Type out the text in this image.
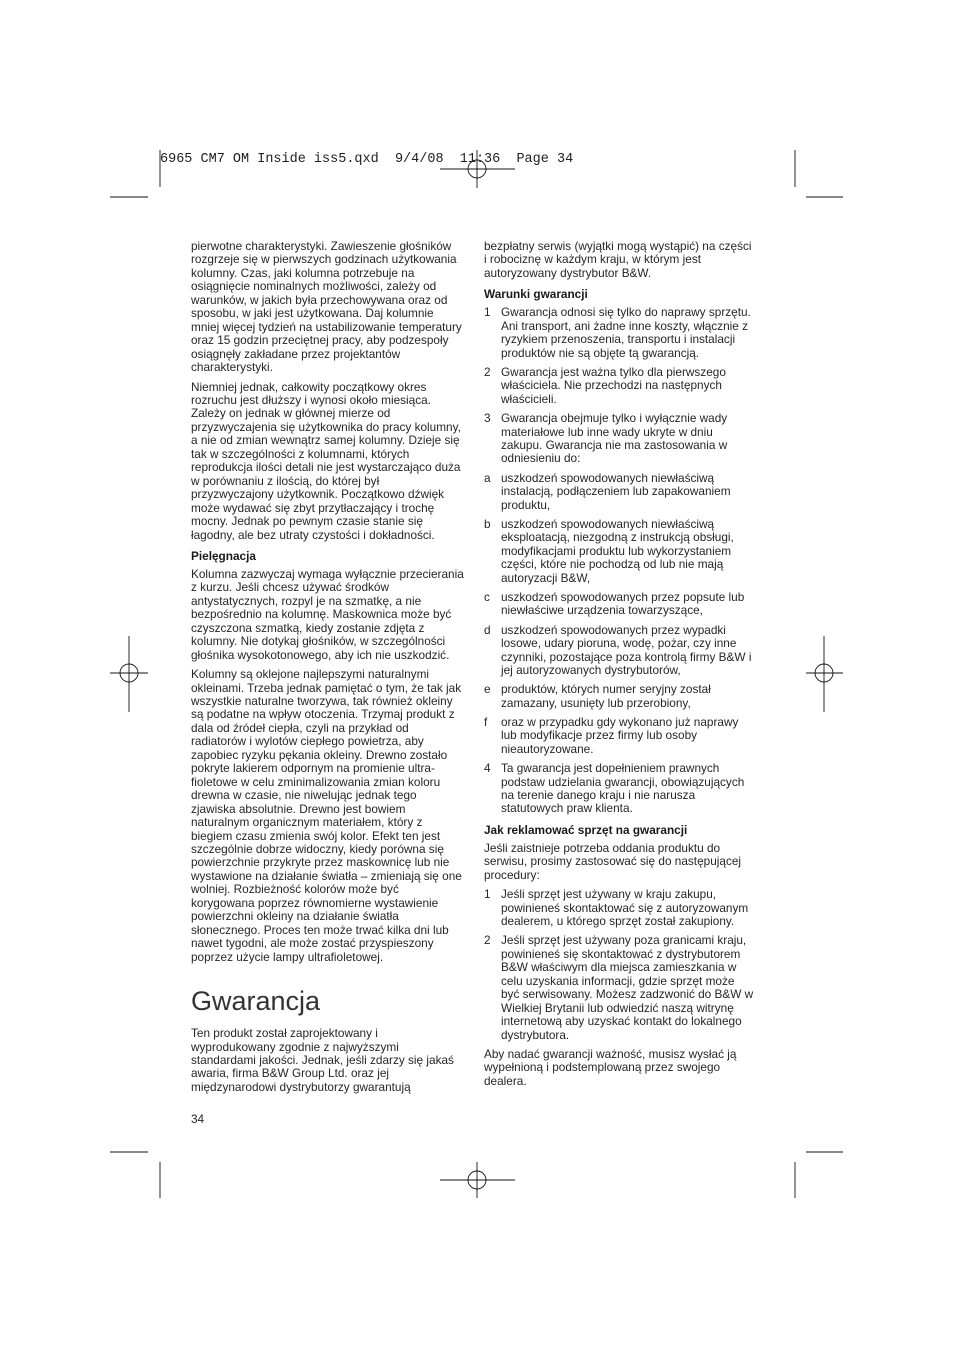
6965 CM7 OM Inside iss5.qxd  9/4/08  11:36  Page 34
pierwotne charakterystyki. Zawieszenie głośników
rozgrzeje się w pierwszych godzinach użytkowania
kolumny. Czas, jaki kolumna potrzebuje na
osiągnięcie nominalnych możliwości, zależy od
warunków, w jakich była przechowywana oraz od
sposobu, w jaki jest użytkowana. Daj kolumnie
mniej więcej tydzień na ustabilizowanie temperatury
oraz 15 godzin przeciętnej pracy, aby podzespoły
osiągnęły zakładane przez projektantów
charakterystyki.
Niemniej jednak, całkowity początkowy okres
rozruchu jest dłuższy i wynosi około miesiąca.
Zależy on jednak w głównej mierze od
przyzwyczajenia się użytkownika do pracy kolumny,
a nie od zmian wewnątrz samej kolumny. Dzieje się
tak w szczególności z kolumnami, których
reprodukcja ilości detali nie jest wystarczająco duża
w porównaniu z ilością, do której był
przyzwyczajony użytkownik. Początkowo dźwięk
może wydawać się zbyt przytłaczający i trochę
mocny. Jednak po pewnym czasie stanie się
łagodny, ale bez utraty czystości i dokładności.
Pielęgnacja
Kolumna zazwyczaj wymaga wyłącznie przecierania
z kurzu. Jeśli chcesz używać środków
antystatycznych, rozpyl je na szmatkę, a nie
bezpośrednio na kolumnę. Maskownica może być
czyszczona szmatką, kiedy zostanie zdjęta z
kolumny. Nie dotykaj głośników, w szczególności
głośnika wysokotonowego, aby ich nie uszkodzić.
Kolumny są oklejone najlepszymi naturalnymi
okleinami. Trzeba jednak pamiętać o tym, że tak jak
wszystkie naturalne tworzywa, tak również okleiny
są podatne na wpływ otoczenia. Trzymaj produkt z
dala od źródeł ciepła, czyli na przykład od
radiatorów i wylotów ciepłego powietrza, aby
zapobiec ryzyku pękania okleiny. Drewno zostało
pokryte lakierem odpornym na promienie ultra-
fioletowe w celu zminimalizowania zmian koloru
drewna w czasie, nie niwelując jednak tego
zjawiska absolutnie. Drewno jest bowiem
naturalnym organicznym materiałem, który z
biegiem czasu zmienia swój kolor. Efekt ten jest
szczególnie dobrze widoczny, kiedy porówna się
powierzchnie przykryte przez maskownicę lub nie
wystawione na działanie światła – zmieniają się one
wolniej. Rozbieżność kolorów może być
korygowana poprzez równomierne wystawienie
powierzchni okleiny na działanie światła
słonecznego. Proces ten może trwać kilka dni lub
nawet tygodni, ale może zostać przyspieszony
poprzez użycie lampy ultrafioletowej.
Gwarancja
Ten produkt został zaprojektowany i
wyprodukowany zgodnie z najwyższymi
standardami jakości. Jednak, jeśli zdarzy się jakaś
awaria, firma B&W Group Ltd. oraz jej
międzynarodowi dystrybutorzy gwarantują
bezpłatny serwis (wyjątki mogą wystąpić) na części
i robociznę w każdym kraju, w którym jest
autoryzowany dystrybutor B&W.
Warunki gwarancji
1 Gwarancja odnosi się tylko do naprawy sprzętu.
Ani transport, ani żadne inne koszty, włącznie z
ryzykiem przenoszenia, transportu i instalacji
produktów nie są objęte tą gwarancją.
2 Gwarancja jest ważna tylko dla pierwszego
właściciela. Nie przechodzi na następnych
właścicieli.
3 Gwarancja obejmuje tylko i wyłącznie wady
materiałowe lub inne wady ukryte w dniu
zakupu. Gwarancja nie ma zastosowania w
odniesieniu do:
a uszkodzeń spowodowanych niewłaściwą
instalacją, podłączeniem lub zapakowaniem
produktu,
b uszkodzeń spowodowanych niewłaściwą
eksploatacją, niezgodną z instrukcją obsługi,
modyfikacjami produktu lub wykorzystaniem
części, które nie pochodzą od lub nie mają
autoryzacji B&W,
c uszkodzeń spowodowanych przez popsute lub
niewłaściwe urządzenia towarzyszące,
d uszkodzeń spowodowanych przez wypadki
losowe, udary pioruna, wodę, pożar, czy inne
czynniki, pozostające poza kontrolą firmy B&W i
jej autoryzowanych dystrybutorów,
e produktów, których numer seryjny został
zamazany, usunięty lub przerobiony,
f	oraz w przypadku gdy wykonano już naprawy
lub modyfikacje przez firmy lub osoby
nieautoryzowane.
4 Ta gwarancja jest dopełnieniem prawnych
podstaw udzielania gwarancji, obowiązujących
na terenie danego kraju i nie narusza
statutowych praw klienta.
Jak reklamować sprzęt na gwarancji
Jeśli zaistnieje potrzeba oddania produktu do
serwisu, prosimy zastosować się do następującej
procedury:
1 Jeśli sprzęt jest używany w kraju zakupu,
powinieneś skontaktować się z autoryzowanym
dealerem, u którego sprzęt został zakupiony.
2 Jeśli sprzęt jest używany poza granicami kraju,
powinieneś się skontaktować z dystrybutorem
B&W właściwym dla miejsca zamieszkania w
celu uzyskania informacji, gdzie sprzęt może
być serwisowany. Możesz zadzwonić do B&W w
Wielkiej Brytanii lub odwiedzić naszą witrynę
internetową aby uzyskać kontakt do lokalnego
dystrybutora.
Aby nadać gwarancji ważność, musisz wysłać ją
wypełnioną i podstemplowaną przez swojego
dealera.
34
